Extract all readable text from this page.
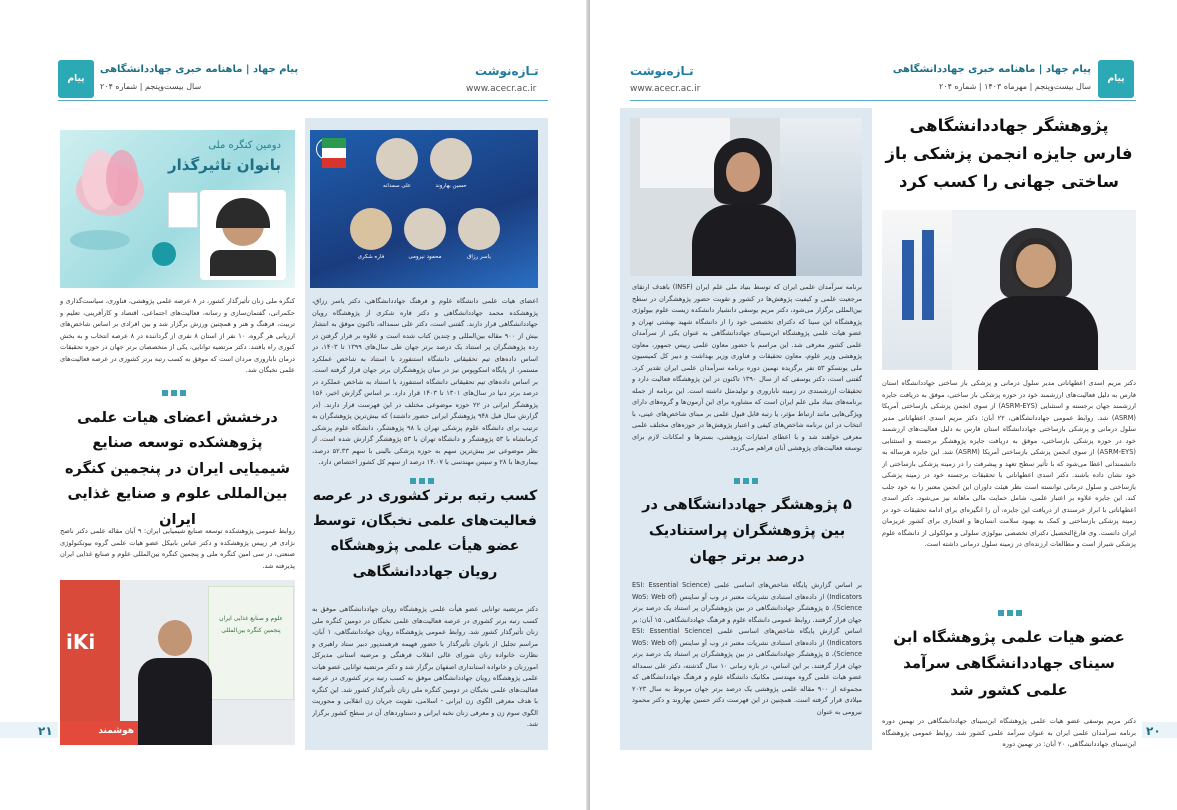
پیام
پیام جهاد | ماهنامه خبری جهاددانشگاهی
سال بیست‌وپنجم | شماره ۲۰۴
تـازه‌نوشت
www.acecr.ac.ir
دومین کنگره ملی
بانوان تاثیرگذار
کنگره ملی زنان تأثیرگذار کشور، در ۸ عرصه علمی پژوهشی، فناوری، سیاست‌گذاری و حکمرانی، گفتمان‌سازی و رسانه، فعالیت‌های اجتماعی، اقتصاد و کارآفرینی، تعلیم و تربیت، فرهنگ و هنر و همچنین ورزش برگزار شد و بین افرادی بر اساس شاخص‌های ارزیابی هر گروه، ۱۰ نفر از استان ۸ نفری از گرداننده در ۸ عرصه انتخاب و به بخش کنوری راه یافتند. دکتر مرتضیه توانایی، یکی از متخصصان برتر جهان در حوزه تحقیقات درمان ناباروری مردان است که موفق به کسب رتبه برتر کشوری در عرصه فعالیت‌های علمی نخبگان شد.
درخشش اعضای هیات علمی پژوهشکده توسعه صنایع شیمیایی ایران در پنجمین کنگره بین‌المللی علوم و صنایع غذایی ایران
روابط عمومی پژوهشکده توسعه صنایع شیمیایی ایران: ۹ آبان مقاله علمی دکتر ناصح نژادی فر رییس پژوهشکده و دکتر عباس بابیکل عضو هیات علمی گروه بیوتکنولوژی صنعتی، در سی امین کنگره ملی و پنجمین کنگره بین‌المللی علوم و صنایع غذایی ایران پذیرفته شد.
iKi
علوم و صنایع غذایی ایران
پنجمین کنگره بین‌المللی
هوشمند
حسین بهاروند
علی سمدانه
یاسر رزاق
محمود نیرومی
فاره شکری
اعضای هیات علمی دانشگاه علوم و فرهنگ جهاددانشگاهی، دکتر یاسر رزاق، پژوهشکده محمد جهاددانشگاهی و دکتر فاره شکری از پژوهشگاه رویان جهاددانشگاهی قرار دارند. گفتنی است، دکتر علی سمداله، تاکنون موفق به انتشار بیش از ۹۰۰ مقاله بین‌المللی و چندین کتاب شده است و علاوه بر قرار گرفتن در رده پژوهشگران پر استناد یک درصد برتر جهان طی سال‌های ۱۳۹۹ تا ۱۴۰۳، در اساس داده‌های تیم تحقیقاتی دانشگاه استنفورد با استناد به شاخص عملکرد مستمر، از پایگاه اسکوپوس نیز در میان پژوهشگران برتر جهان قرار گرفته است. بر اساس داده‌های تیم تحقیقاتی دانشگاه استنفورد با استناد به شاخص عملکرد در درصد برتر دنیا در سال‌های ۱۳۰۱ تا ۱۴۰۳ قرار دارد. بر اساس گزارش اخیر، ۱۵۶ پژوهشگر ایرانی در ۲۲ حوزه موضوعی مختلف در این فهرست قرار دارند. (در گزارش سال قبل ۹۴۸ پژوهشگر ایرانی حضور داشتند) که بیش‌ترین پژوهشگران به ترتیب برای دانشگاه علوم پزشکی تهران با ۹۸ پژوهشگر، دانشگاه علوم پزشکی کرمانشاه با ۵۳ پژوهشگر و دانشگاه تهران با ۵۳ پژوهشگر گزارش شده است. از نظر موضوعی نیز بیش‌ترین سهم به حوزه پزشکی بالینی با سهم ۵۲.۳۳ درصد، بیماری‌ها با ۲۸ و سپس مهندسی با ۱۴.۰۷ درصد از سهم کل کشور اختصاص دارد.
کسب رتبه برتر کشوری در عرصه فعالیت‌های علمی نخبگان، توسط عضو هیأت علمی پژوهشگاه رویان جهاددانشگاهی
دکتر مرتضیه توانایی عضو هیأت علمی پژوهشگاه رویان جهاددانشگاهی موفق به کسب رتبه برتر کشوری در عرصه فعالیت‌های علمی نخبگان در دومین کنگره ملی زنان تأثیرگذار کشور شد. روابط عمومی پژوهشگاه رویان جهاددانشگاهی، ۱ آبان، مراسم تجلیل از بانوان تأثیرگذار با حضور فهیمه فرهمندپور دبیر ستاد راهبری و نظارت خانواده زنان شورای عالی انقلاب فرهنگی و مرضیه استانی مدیرکل امورزنان و خانواده استانداری اصفهان برگزار شد و دکتر مرتضیه توانایی عضو هیات علمی پژوهشگاه رویان جهاددانشگاهی موفق به کسب رتبه برتر کشوری در عرصه فعالیت‌های علمی نخبگان در دومین کنگره ملی زنان تأثیرگذار کشور شد. این کنگره با هدف معرفی الگوی زن ایرانی - اسلامی، تقویت جریان زن انقلابی و محوریت الگوی سوم زن و معرفی زنان نخبه ایرانی و دستاوردهای آن در سطح کشور برگزار شد.
۲۱
پیام
پیام جهاد | ماهنامه خبری جهاددانشگاهی
سال بیست‌وپنجم | مهرماه ۱۴۰۳ | شماره ۲۰۴
تـازه‌نوشت
www.acecr.ac.ir
پژوهشگر جهاددانشگاهی فارس جایزه انجمن پزشکی باز ساختی جهانی را کسب کرد
دکتر مریم اسدی اعطهاناتی مدیر سلول درمانی و پزشکی باز ساختی جهاددانشگاه استان فارس به دلیل فعالیت‌های ارزشمند خود در حوزه پزشکی باز ساختی، موفق به دریافت جایزه ارزشمند جهان برجسته و استثنایی (ASRM-EYS) از سوی انجمن پزشکی بازساختی آمریکا (ASRM) شد. روابط عمومی جهاددانشگاهی، ۲۲ آبان: دکتر مریم اسدی اعطهاناتی مدیر سلول درمانی و پزشکی بازساختی جهاددانشگاه استان فارس به دلیل فعالیت‌های ارزشمند خود در حوزه پزشکی بازساختی، موفق به دریافت جایزه پژوهشگر برجسته و استثنایی (ASRM-EYS) از سوی انجمن پزشکی بازساختی آمریکا (ASRM) شد. این جایزه هرساله به دانشمندانی اعطا می‌شود که با تأثیر سطح تعهد و پیشرفت را در زمینه پزشکی بازساختی از خود نشان داده باشند. دکتر اسدی اعطهاناتی با تحقیقات برجسته خود در زمینه پزشکی بازساختی و سلول درمانی توانسته است نظر هیئت داوران این انجمن معتبر را به خود جلب کند. این جایزه علاوه بر اعتبار علمی، شامل حمایت مالی ماهانه نیز می‌شود. دکتر اسدی اعطهاناتی با ابراز خرسندی از دریافت این جایزه، آن را انگیزه‌ای برای ادامه تحقیقات خود در زمینه پزشکی بازساختی و کمک به بهبود سلامت انسان‌ها و افتخاری برای کشور عزیزمان ایران دانست. وی فارغ‌التحصیل دکترای تخصصی بیولوژی سلولی و مولکولی از دانشگاه علوم پزشکی شیراز است و مطالعات ارزنده‌ای در زمینه سلول درمانی داشته است.
عضو هیات علمی پژوهشگاه ابن سینای جهاددانشگاهی سرآمد علمی کشور شد
دکتر مریم یوسفی عضو هیات علمی پژوهشگاه ابن‌سینای جهاددانشگاهی در نهمین دوره برنامه سرآمدان علمی ایران به عنوان سرآمد علمی کشور شد. روابط عمومی پژوهشگاه ابن‌سینای جهاددانشگاهی، ۲۰ آبان: در نهمین دوره
برنامه سرآمدان علمی ایران که توسط بنیاد ملی علم ایران (INSF) باهدف ارتقای مرجعیت علمی و کیفیت پژوهش‌ها در کشور و تقویت حضور پژوهشگران در سطح بین‌المللی برگزار می‌شود، دکتر مریم یوسفی دانشیار دانشکده زیست علوم بیولوژی پژوهشگاه ابن سینا که دکترای تخصصی خود را از دانشگاه شهید بهشتی تهران و عضو هیات علمی پژوهشگاه ابن‌سینای جهاددانشگاهی به عنوان یکی از سرآمدان علمی کشور معرفی شد. این مراسم با حضور معاون علمی رییس جمهور، معاون پژوهشی وزیر علوم، معاون تحقیقات و فناوری وزیر بهداشت و دبیر کل کمیسیون ملی یونسکو ۵۳ نفر برگزیده نهمین دوره برنامه سرآمدان علمی ایران تقدیر کرد. گفتنی است، دکتر یوسفی که از سال ۱۳۹۰ تاکنون در این پژوهشگاه فعالیت دارد و تحقیقات ارزشمندی در زمینه ناباروری و تولیدمثل داشته است. این برنامه از جمله برنامه‌های بنیاد ملی علم ایران است که مشاوره برای این آزمون‌ها و گروه‌های دارای ویژگی‌هایی مانند ارتباط مؤثر، یا رتبه قابل قبول علمی بر مبنای شاخص‌های عینی، با انتخاب در این برنامه شاخص‌های کیفی و اعتبار پژوهش‌ها در حوزه‌های مختلف علمی معرفی خواهند شد و با اعطای امتیازات پژوهشی، بسترها و امکانات لازم برای توسعه فعالیت‌های پژوهشی آنان فراهم می‌گردد.
۵ پژوهشگر جهاددانشگاهی در بین پژوهشگران پراستنادیک درصد برتر جهان
بر اساس گزارش پایگاه شاخص‌های اساسی علمی (ESI: Essential Science Indicators) از داده‌های استنادی نشریات معتبر در وب آو ساینس (WoS: Web of Science)، ۵ پژوهشگر جهاددانشگاهی در بین پژوهشگران پر استناد یک درصد برتر جهان قرار گرفتند. روابط عمومی دانشگاه علوم و فرهنگ جهاددانشگاهی، ۱۵ آبان: بر اساس گزارش پایگاه شاخص‌های اساسی علمی (ESI: Essential Science Indicators) از داده‌های استنادی نشریات معتبر در وب آو ساینس (WoS: Web of Science)، ۵ پژوهشگر جهاددانشگاهی در بین پژوهشگران پر استناد یک درصد برتر جهان قرار گرفتند. بر این اساس، در بازه زمانی ۱۰ سال گذشته، دکتر علی سمداله عضو هیات علمی گروه مهندسی مکانیک دانشگاه علوم و فرهنگ جهاددانشگاهی که مجموعه از ۹۰۰ مقاله علمی پژوهشی یک درصد برتر جهان مربوط به سال ۲۰۲۳ میلادی قرار گرفته است. همچنین در این فهرست دکتر حسین بهاروند و دکتر محمود نیرومی به عنوان
۲۰
